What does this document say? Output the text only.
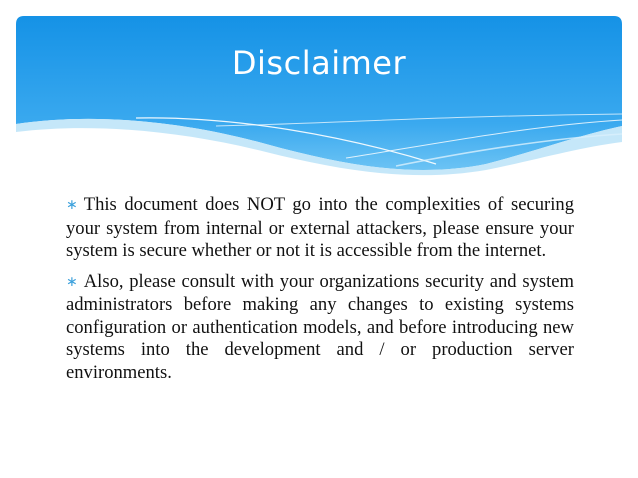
Disclaimer

∗ This document does NOT go into the complexities of securing your system from internal or external attackers, please ensure your system is secure whether or not it is accessible from the internet.

∗ Also, please consult with your organizations security and system administrators before making any changes to existing systems configuration or authentication models, and before introducing new systems into the development and / or production server environments.
